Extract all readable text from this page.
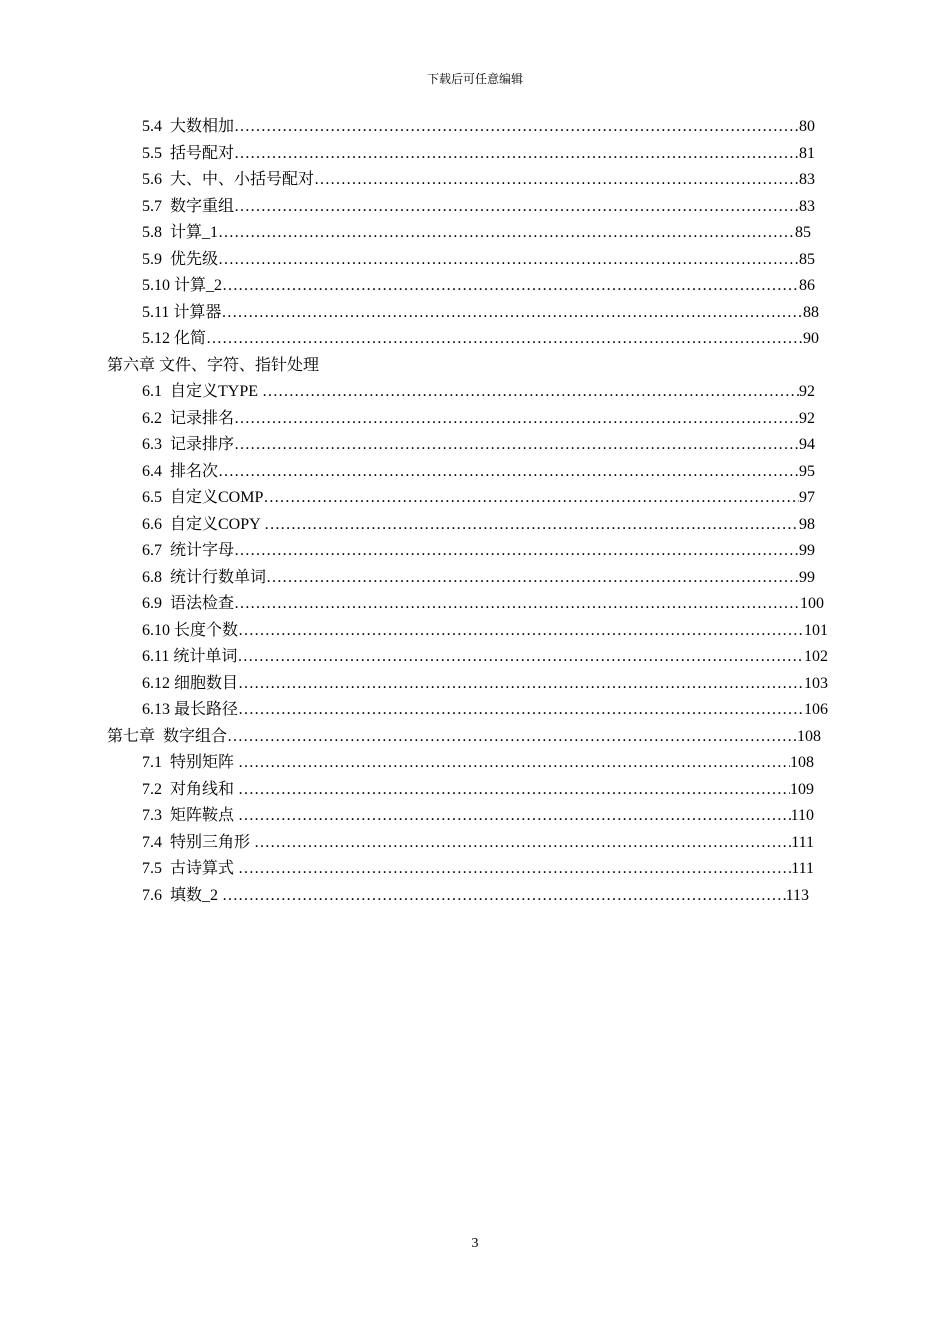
下载后可任意编辑
5.4  大数相加 ………………………………………………………………………………………………………………………………………………………………………………	80
5.5  括号配对 ………………………………………………………………………………………………………………………………………………………………………………	81
5.6  大、中、小括号配对 ………………………………………………………………………………………………………………………………………………………………………………	83
5.7  数字重组 ………………………………………………………………………………………………………………………………………………………………………………	83
5.8  计算_1 ………………………………………………………………………………………………………………………………………………………………………………	85
5.9  优先级 ………………………………………………………………………………………………………………………………………………………………………………	85
5.10 计算_2 ………………………………………………………………………………………………………………………………………………………………………………	86
5.11 计算器 ………………………………………………………………………………………………………………………………………………………………………………	88
5.12 化简 ………………………………………………………………………………………………………………………………………………………………………………	90
第六章 文件、字符、指针处理
6.1  自定义TYPE ………………………………………………………………………………………………………………………………………………………………………………	92
6.2  记录排名 ………………………………………………………………………………………………………………………………………………………………………………	92
6.3  记录排序 ………………………………………………………………………………………………………………………………………………………………………………	94
6.4  排名次 ………………………………………………………………………………………………………………………………………………………………………………	95
6.5  自定义COMP ………………………………………………………………………………………………………………………………………………………………………………	97
6.6  自定义COPY ………………………………………………………………………………………………………………………………………………………………………………	98
6.7  统计字母 ………………………………………………………………………………………………………………………………………………………………………………	99
6.8  统计行数单词 ………………………………………………………………………………………………………………………………………………………………………………	99
6.9  语法检查 ………………………………………………………………………………………………………………………………………………………………………………	100
6.10 长度个数 ………………………………………………………………………………………………………………………………………………………………………………	101
6.11 统计单词 ………………………………………………………………………………………………………………………………………………………………………………	102
6.12 细胞数目 ………………………………………………………………………………………………………………………………………………………………………………	103
6.13 最长路径 ………………………………………………………………………………………………………………………………………………………………………………	106
第七章  数字组合 ………………………………………………………………………………………………………………………………………………………………………………	108
7.1  特别矩阵 ………………………………………………………………………………………………………………………………………………………………………………	108
7.2  对角线和 ………………………………………………………………………………………………………………………………………………………………………………	109
7.3  矩阵鞍点 ………………………………………………………………………………………………………………………………………………………………………………	110
7.4  特别三角形 ………………………………………………………………………………………………………………………………………………………………………………	111
7.5  古诗算式 ………………………………………………………………………………………………………………………………………………………………………………	111
7.6  填数_2 ………………………………………………………………………………………………………………………………………………………………………………	113
3
